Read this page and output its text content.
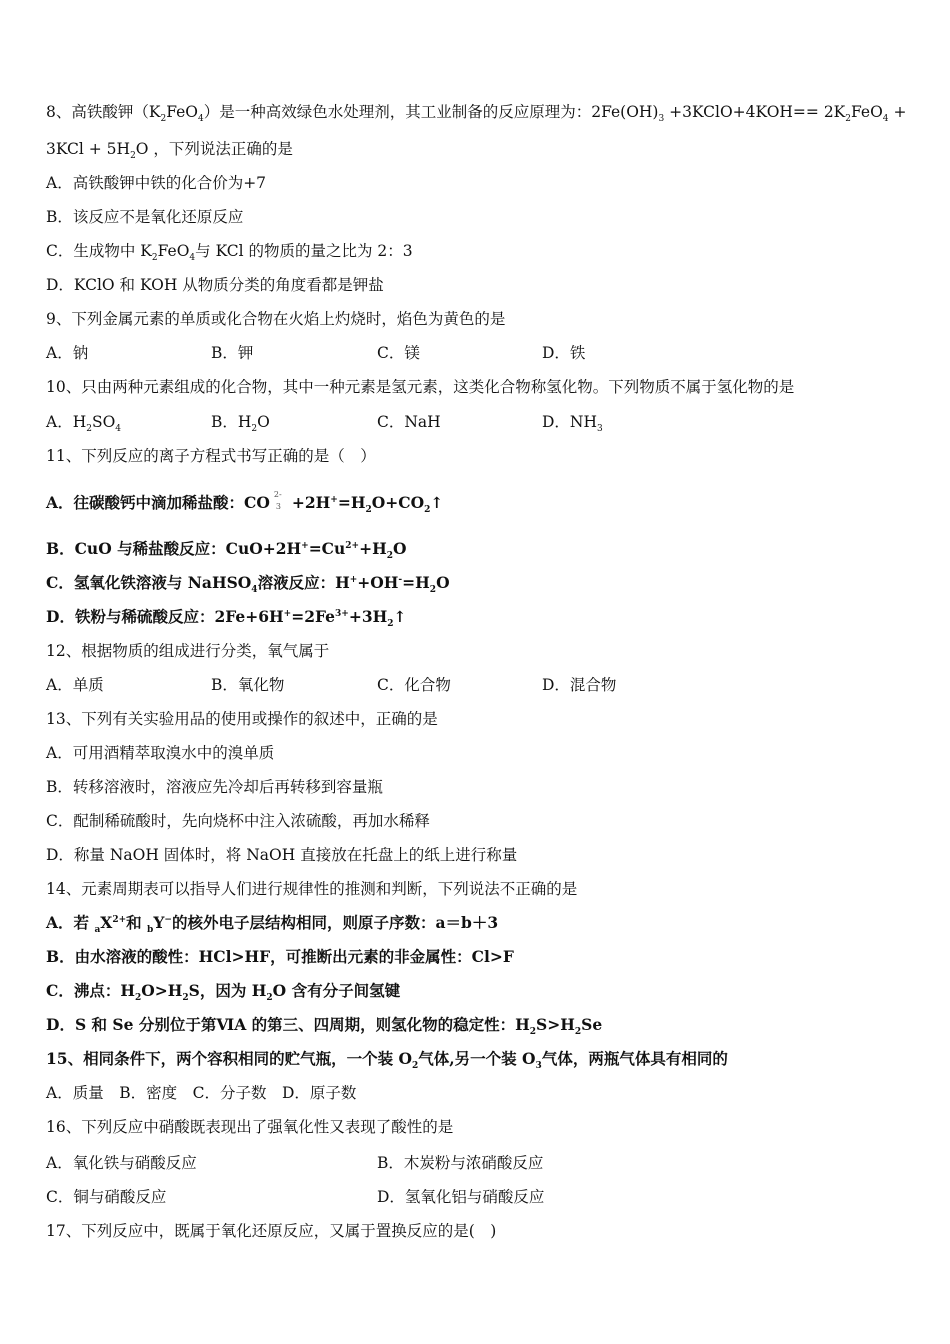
8、高铁酸钾$(K_2FeO_4)$是一种高效绿色水处理剂，其工业制备的反应原理为：$2Fe(OH)_3$ +3KClO+4KOH== $2K_2FeO_4$ +
$3KCl + 5H_2O$ ，下列说法正确的是
A．高铁酸钾中铁的化合价为+7
B．该反应不是氧化还原反应
C．生成物中 $K_2FeO_4$与 KCl 的物质的量之比为 2：3
D．KClO 和 KOH 从物质分类的角度看都是钾盐
9、下列金属元素的单质或化合物在火焰上灼烧时，焰色为黄色的是
A．钠	B．钾	C．镁	D．铁
10、只由两种元素组成的化合物，其中一种元素是氢元素，这类化合物称氢化物。下列物质不属于氢化物的是
A．$H_2SO_4$	B．$H_2O$	C．NaH	D．$NH_3$
11、下列反应的离子方程式书写正确的是（　）
A．往碳酸钙中滴加稀盐酸：CO 2-
$3 +2H^+=H_2O+CO_2↑$
B．CuO 与稀盐酸反应：$CuO+2H^+=Cu^{2+}+H_2O$
C．氢氧化铁溶液与 NaHSO$_4$溶液反应：$H^++OH^-=H_2O$
D．铁粉与稀硫酸反应：$2Fe+6H^+=2Fe^{3+}+3H_2↑$
12、根据物质的组成进行分类，氧气属于
A．单质	B．氧化物	C．化合物	D．混合物
13、下列有关实验用品的使用或操作的叙述中，正确的是
A．可用酒精萃取溴水中的溴单质
B．转移溶液时，溶液应先冷却后再转移到容量瓶
C．配制稀硫酸时，先向烧杯中注入浓硫酸，再加水稀释
D．称量 NaOH 固体时，将 NaOH 直接放在托盘上的纸上进行称量
14、元素周期表可以指导人们进行规律性的推测和判断，下列说法不正确的是
A．若 $_aX^{2+}$和 $_b$Y−的核外电子层结构相同，则原子序数：a＝b＋3
B．由水溶液的酸性：HCl>HF，可推断出元素的非金属性：Cl>F
C．沸点：$H_2O>H_2S$，因为 $H_2O$ 含有分子间氢键
D．S 和 Se 分别位于第ⅥA 的第三、四周期，则氢化物的稳定性：$H_2S>H_2Se$
15、相同条件下，两个容积相同的贮气瓶，一个装 $O_2$气体,另一个装 $O_3$气体，两瓶气体具有相同的
A．质量　B．密度　C．分子数　D．原子数
16、下列反应中硝酸既表现出了强氧化性又表现了酸性的是
A．氧化铁与硝酸反应	B．木炭粉与浓硝酸反应
C．铜与硝酸反应	D．氢氧化铝与硝酸反应
17、下列反应中，既属于氧化还原反应，又属于置换反应的是(　)
